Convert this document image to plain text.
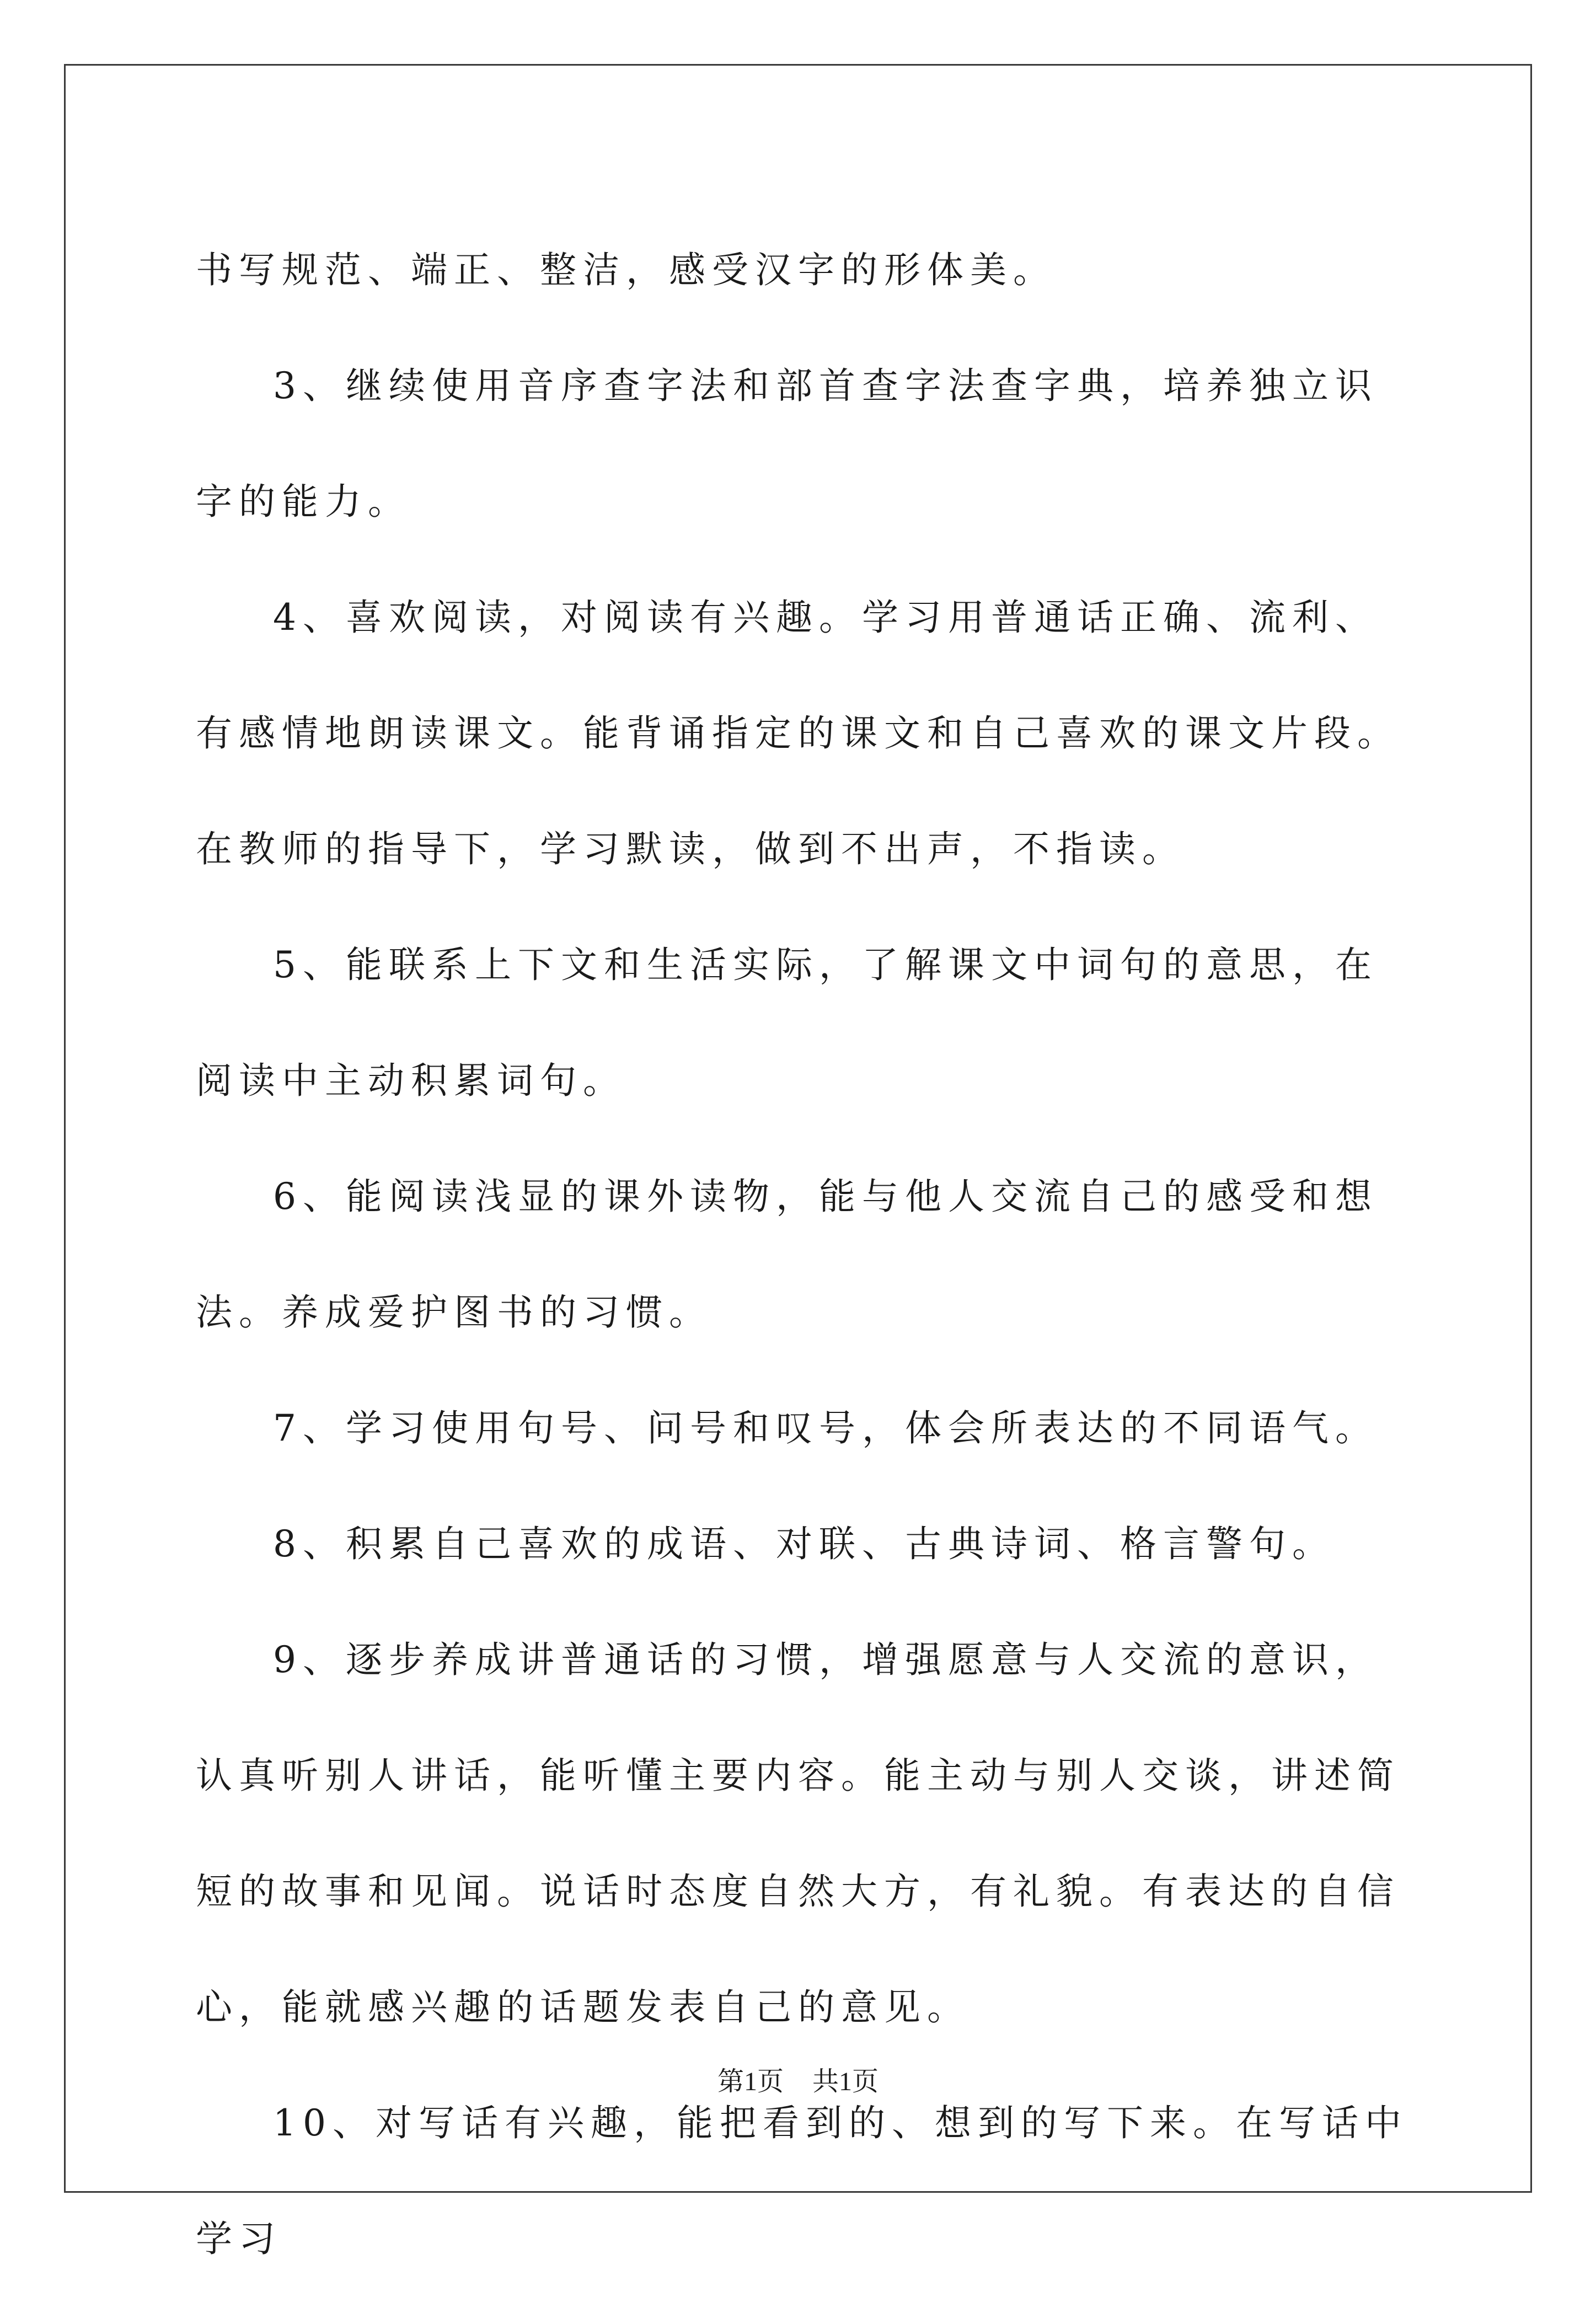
书写规范、端正、整洁，感受汉字的形体美。

3、继续使用音序查字法和部首查字法查字典，培养独立识字的能力。

4、喜欢阅读，对阅读有兴趣。学习用普通话正确、流利、有感情地朗读课文。能背诵指定的课文和自己喜欢的课文片段。在教师的指导下，学习默读，做到不出声，不指读。

5、能联系上下文和生活实际，了解课文中词句的意思，在阅读中主动积累词句。

6、能阅读浅显的课外读物，能与他人交流自己的感受和想法。养成爱护图书的习惯。

7、学习使用句号、问号和叹号，体会所表达的不同语气。

8、积累自己喜欢的成语、对联、古典诗词、格言警句。

9、逐步养成讲普通话的习惯，增强愿意与人交流的意识，认真听别人讲话，能听懂主要内容。能主动与别人交谈，讲述简短的故事和见闻。说话时态度自然大方，有礼貌。有表达的自信心，能就感兴趣的话题发表自己的意见。

10、对写话有兴趣，能把看到的、想到的写下来。在写话中学习

第1页 共1页
